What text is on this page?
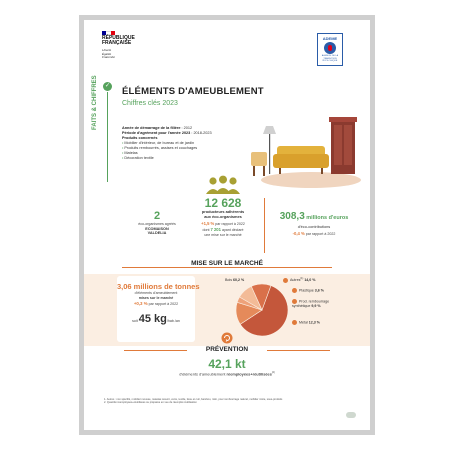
RÉPUBLIQUE
FRANÇAISE
Liberté
Égalité
Fraternité
ADEME
AGENCE DE LA TRANSITION ÉCOLOGIQUE
✓
FAITS & CHIFFRES	ÉLÉMENTS D'AMEUBLEMENT
Chiffres clés 2023
Année de démarrage de la filière : 2012
Période d'agrément pour l'année 2023 : 2018-2023
Produits concernés
• Mobilier d'intérieur, de bureau et de jardin
• Produits rembourrés, assises et couchages
• Matelas
• Décoration textile
2
éco-organismes agréés
ECOMAISON
VALDELIA
12 628
producteurs adhérents
aux éco-organismes
+1,5 % par rapport à 2022
dont 7 201 ayant déclaré
une mise sur le marché
308,3 millions d'euros
d'éco-contributions
-0,4 % par rapport à 2022
MISE SUR LE MARCHÉ
3,06 millions de tonnes
d'éléments d'ameublement
mises sur le marché
+0,3 % par rapport à 2022
soit 45 kg/hab./an
Bois 60,2 %	Autres$^{(1)}$ 14,0 %
Plastique 3,6 %
Prod. rembourrage synthétique 9,9 %
Métal 12,3 %
PRÉVENTION
42,1 kt
d'éléments d'ameublement réemployées+réutilisées$^{(2)}$
1. Autres : non spécifié, mobilier mousse, matelas ressort, verre, textile, tissu et cuir, bambou, rotin, pour rembourrage naturel, mobilier mixte, sous-produits
2. Quantité réemployées+réutilisées ou préparée en vue de réemploi réutilisation
